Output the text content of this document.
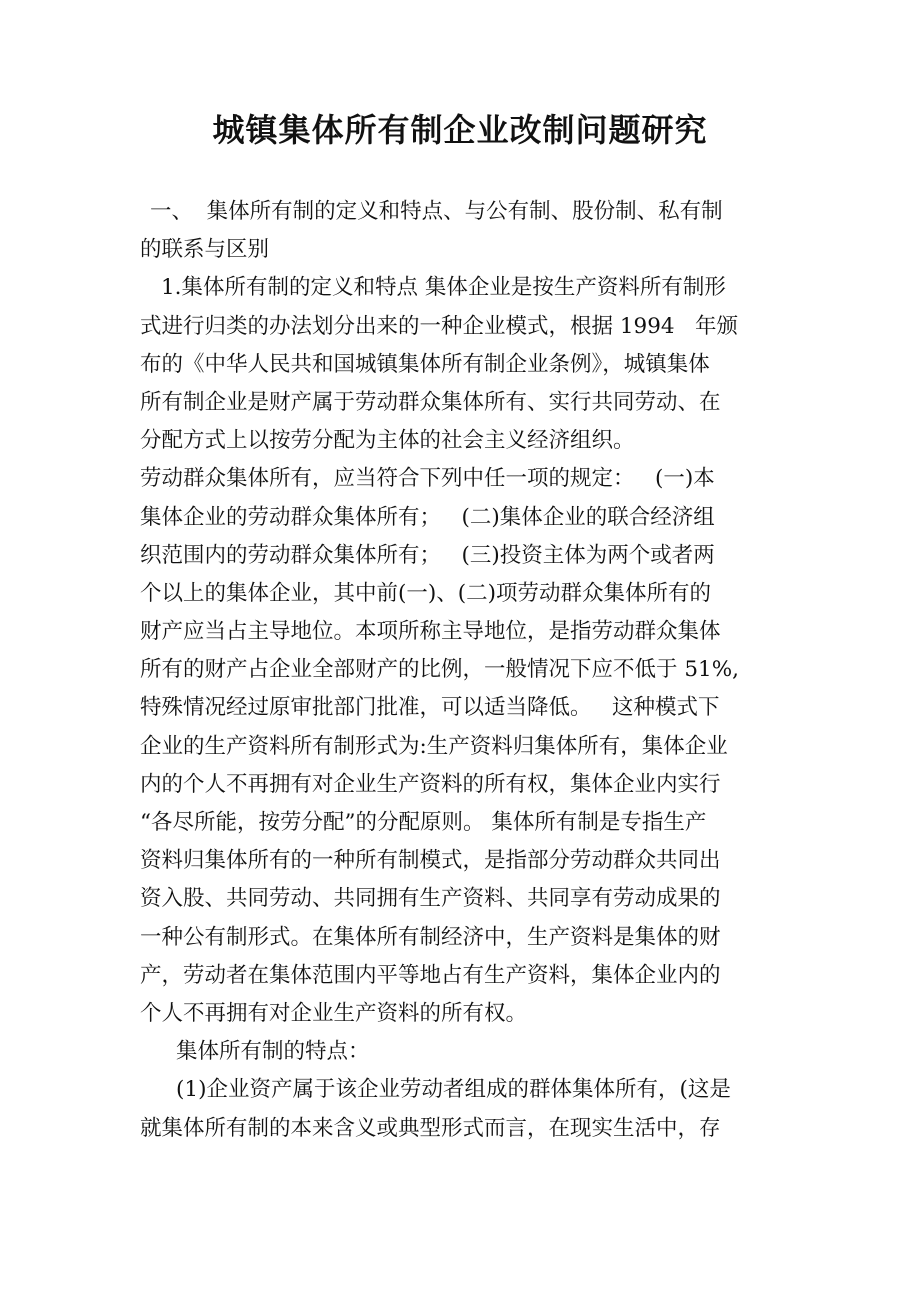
城镇集体所有制企业改制问题研究

一、  集体所有制的定义和特点、与公有制、股份制、私有制

的联系与区别

1.集体所有制的定义和特点 集体企业是按生产资料所有制形

式进行归类的办法划分出来的一种企业模式，根据 1994   年颁

布的《中华人民共和国城镇集体所有制企业条例》，城镇集体

所有制企业是财产属于劳动群众集体所有、实行共同劳动、在

分配方式上以按劳分配为主体的社会主义经济组织。

劳动群众集体所有，应当符合下列中任一项的规定：   (一)本

集体企业的劳动群众集体所有；   (二)集体企业的联合经济组

织范围内的劳动群众集体所有；   (三)投资主体为两个或者两

个以上的集体企业，其中前(一)、(二)项劳动群众集体所有的

财产应当占主导地位。本项所称主导地位，是指劳动群众集体

所有的财产占企业全部财产的比例，一般情况下应不低于 51%,

特殊情况经过原审批部门批准，可以适当降低。   这种模式下

企业的生产资料所有制形式为:生产资料归集体所有，集体企业

内的个人不再拥有对企业生产资料的所有权，集体企业内实行

“各尽所能，按劳分配”的分配原则。 集体所有制是专指生产

资料归集体所有的一种所有制模式，是指部分劳动群众共同出

资入股、共同劳动、共同拥有生产资料、共同享有劳动成果的

一种公有制形式。在集体所有制经济中，生产资料是集体的财

产，劳动者在集体范围内平等地占有生产资料，集体企业内的

个人不再拥有对企业生产资料的所有权。

集体所有制的特点：

(1)企业资产属于该企业劳动者组成的群体集体所有，(这是

就集体所有制的本来含义或典型形式而言，在现实生活中，存
